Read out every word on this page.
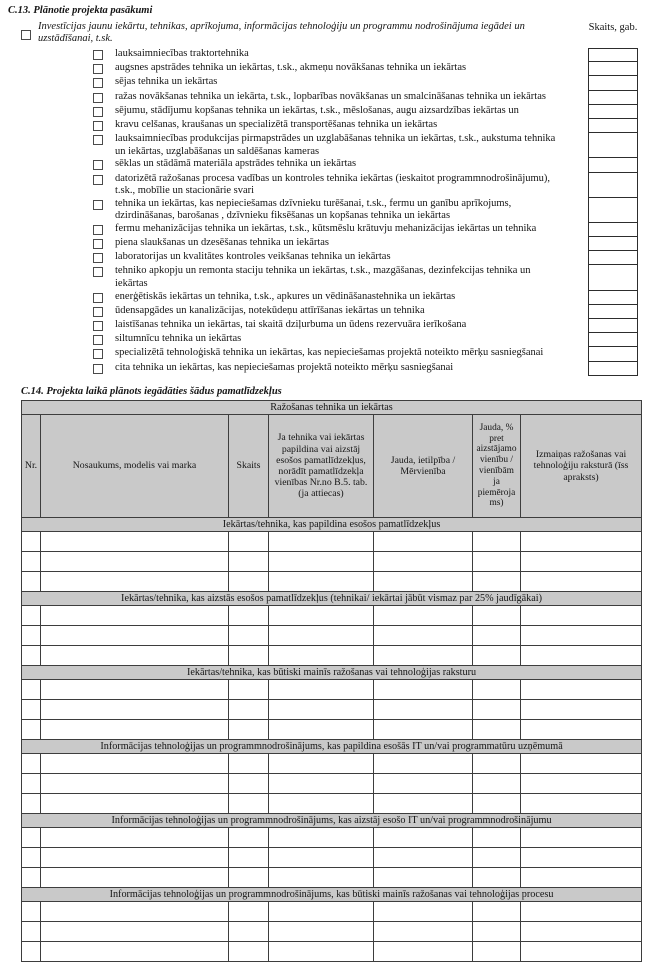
C.13. Plānotie projekta pasākumi
Investīcijas jaunu iekārtu, tehnikas, aprīkojuma, informācijas tehnoloģiju un programmu nodrošinājuma iegādei un uzstādīšanai, t.sk.
Skaits, gab.
lauksaimniecības traktortehnika
augsnes apstrādes tehnika un iekārtas, t.sk., akmeņu novākšanas tehnika un iekārtas
sējas tehnika un iekārtas
ražas novākšanas tehnika un iekārta, t.sk., lopbarības novākšanas un smalcināšanas tehnika un iekārtas
sējumu, stādījumu kopšanas tehnika un iekārtas, t.sk., mēslošanas, augu aizsardzības iekārtas un
kravu celšanas, kraušanas un specializētā transportēšanas tehnika un iekārtas
lauksaimniecības produkcijas pirmapstrādes un uzglabāšanas tehnika un iekārtas, t.sk., aukstuma tehnika un iekārtas, uzglabāšanas un saldēšanas kameras
sēklas un stādāmā materiāla apstrādes tehnika un iekārtas
datorizētā ražošanas procesa vadības un kontroles tehnika iekārtas (ieskaitot programmnodrošinājumu), t.sk., mobīlie un stacionārie svari
tehnika un iekārtas, kas nepieciešamas dzīvnieku turēšanai, t.sk., fermu un ganību aprīkojums, dzirdināšanas, barošanas , dzīvnieku fiksēšanas un kopšanas tehnika un iekārtas
fermu mehanizācijas tehnika un iekārtas, t.sk., kūtsmēslu krātuvju mehanizācijas iekārtas un tehnika
piena slaukšanas un dzesēšanas tehnika un iekārtas
laboratorijas un kvalitātes kontroles veikšanas tehnika un iekārtas
tehniko apkopju un remonta staciju tehnika un iekārtas, t.sk., mazgāšanas, dezinfekcijas tehnika un iekārtas
enerģētiskās iekārtas un tehnika, t.sk., apkures un vēdināšanastehnika un iekārtas
ūdensapgādes un kanalizācijas, notekūdeņu attīrīšanas iekārtas un tehnika
laistīšanas tehnika un iekārtas, tai skaitā dziļurbuma un ūdens rezervuāra ierīkošana
siltumnīcu tehnika un iekārtas
specializētā tehnoloģiskā tehnika un iekārtas, kas nepieciešamas projektā noteikto mērķu sasniegšanai
cita tehnika un iekārtas, kas nepieciešamas projektā noteikto mērķu sasniegšanai
C.14. Projekta laikā plānots iegādāties šādus pamatlīdzekļus
Ražošanas tehnika un iekārtas						
Nr.	Nosaukums, modelis vai marka	Skaits	Ja tehnika vai iekārtas papildina vai aizstāj esošos pamatlīdzekļus, norādīt pamatlīdzekļa vienības Nr.no B.5. tab. (ja attiecas)	Jauda, ietilpība / Mērvienība	Jauda, % pret aizstājamo vienību / vienībām ja piemērojams)	Izmaiņas ražošanas vai tehnoloģiju raksturā (īss apraksts)
Iekārtas/tehnika, kas papildina esošos pamatlīdzekļus						

Iekārtas/tehnika, kas aizstās esošos pamatlīdzekļus (tehnikai/ iekārtai jābūt vismaz par 25% jaudīgākai)						

Iekārtas/tehnika, kas būtiski mainīs ražošanas vai tehnoloģijas raksturu						

Informācijas tehnoloģijas un programmnodrošinājums, kas papildina esošās IT un/vai programmatūru uzņēmumā						

Informācijas tehnoloģijas un programmnodrošinājums, kas aizstāj esošo IT un/vai programmnodrošinājumu						

Informācijas tehnoloģijas un programmnodrošinājums, kas būtiski mainīs ražošanas vai tehnoloģijas procesu						
